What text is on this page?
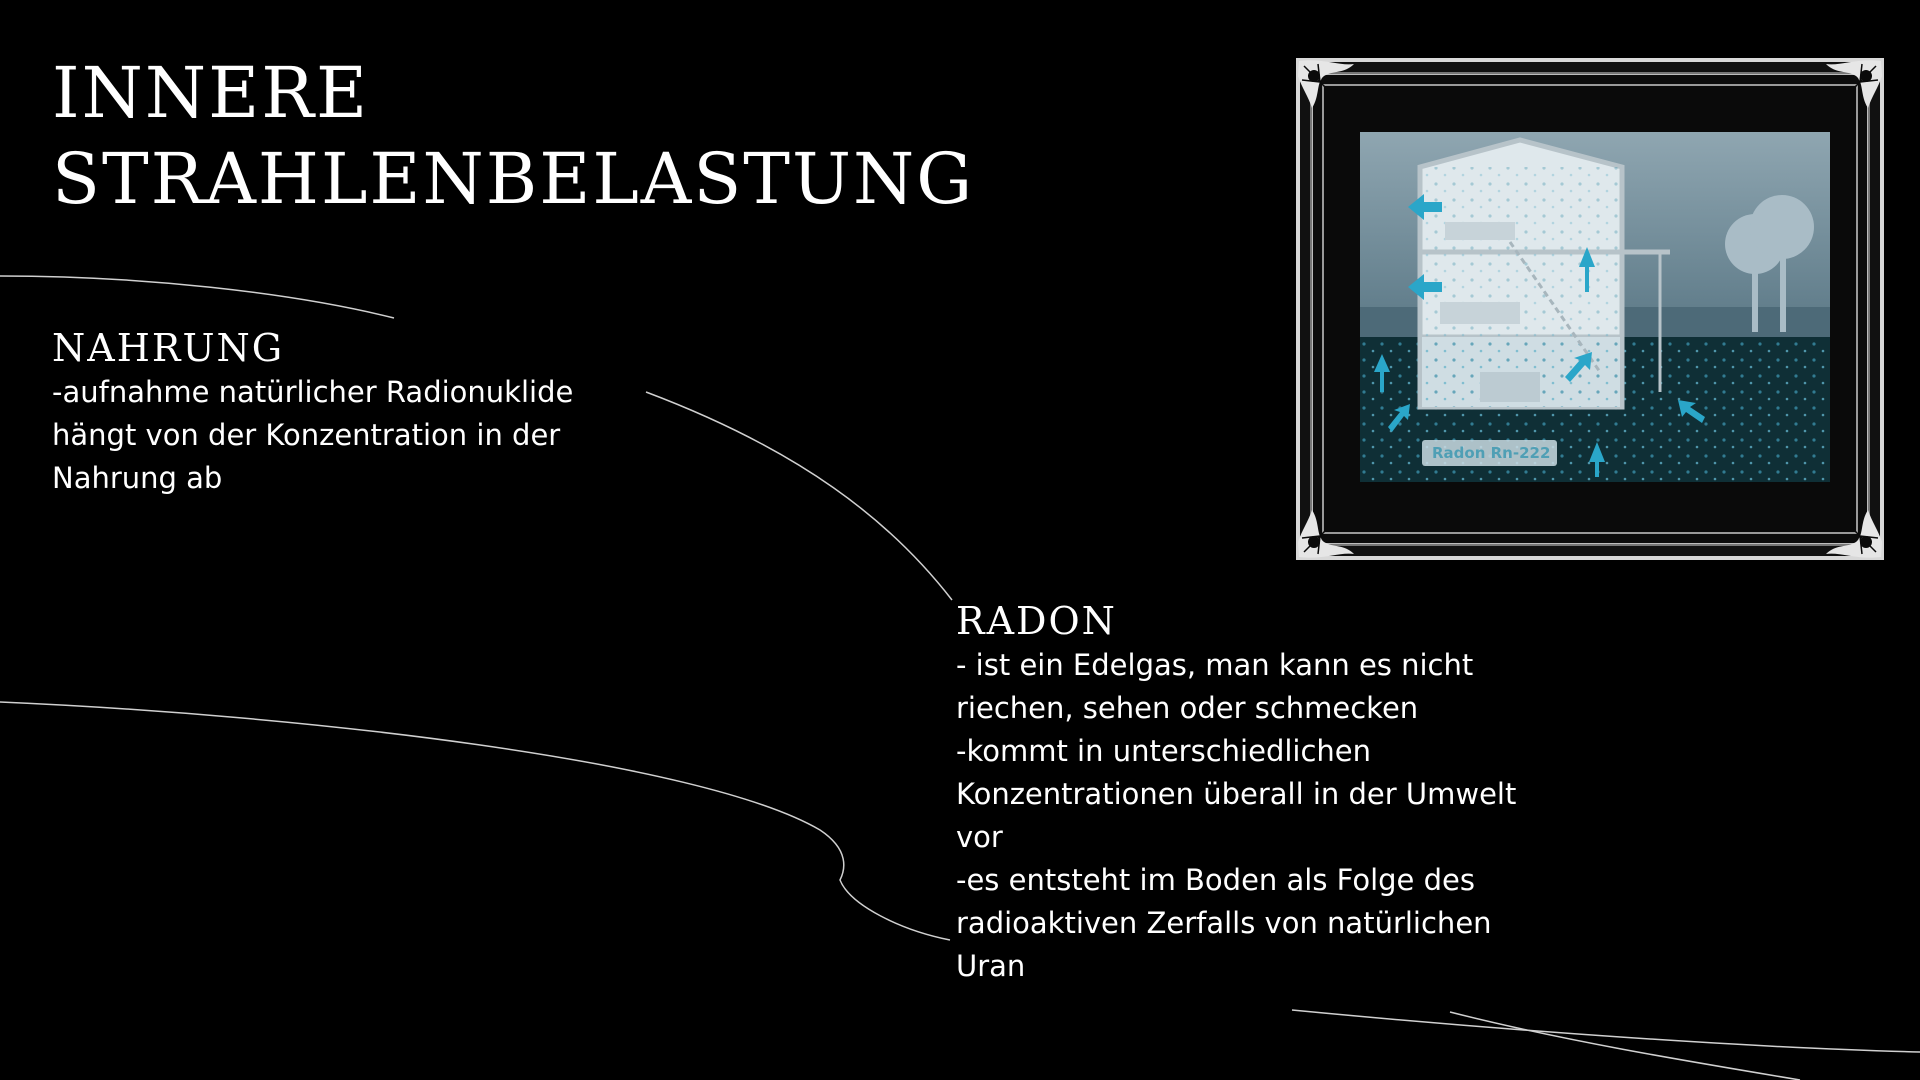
INNERE
STRAHLENBELASTUNG
NAHRUNG

-aufnahme natürlicher Radionuklide
hängt von der Konzentration in der
Nahrung ab

RADON

- ist ein Edelgas, man kann es nicht
riechen, sehen oder schmecken
-kommt in unterschiedlichen
Konzentrationen überall in der Umwelt
vor
-es entsteht im Boden als Folge des
radioaktiven Zerfalls von natürlichen
Uran

Radon Rn-222
